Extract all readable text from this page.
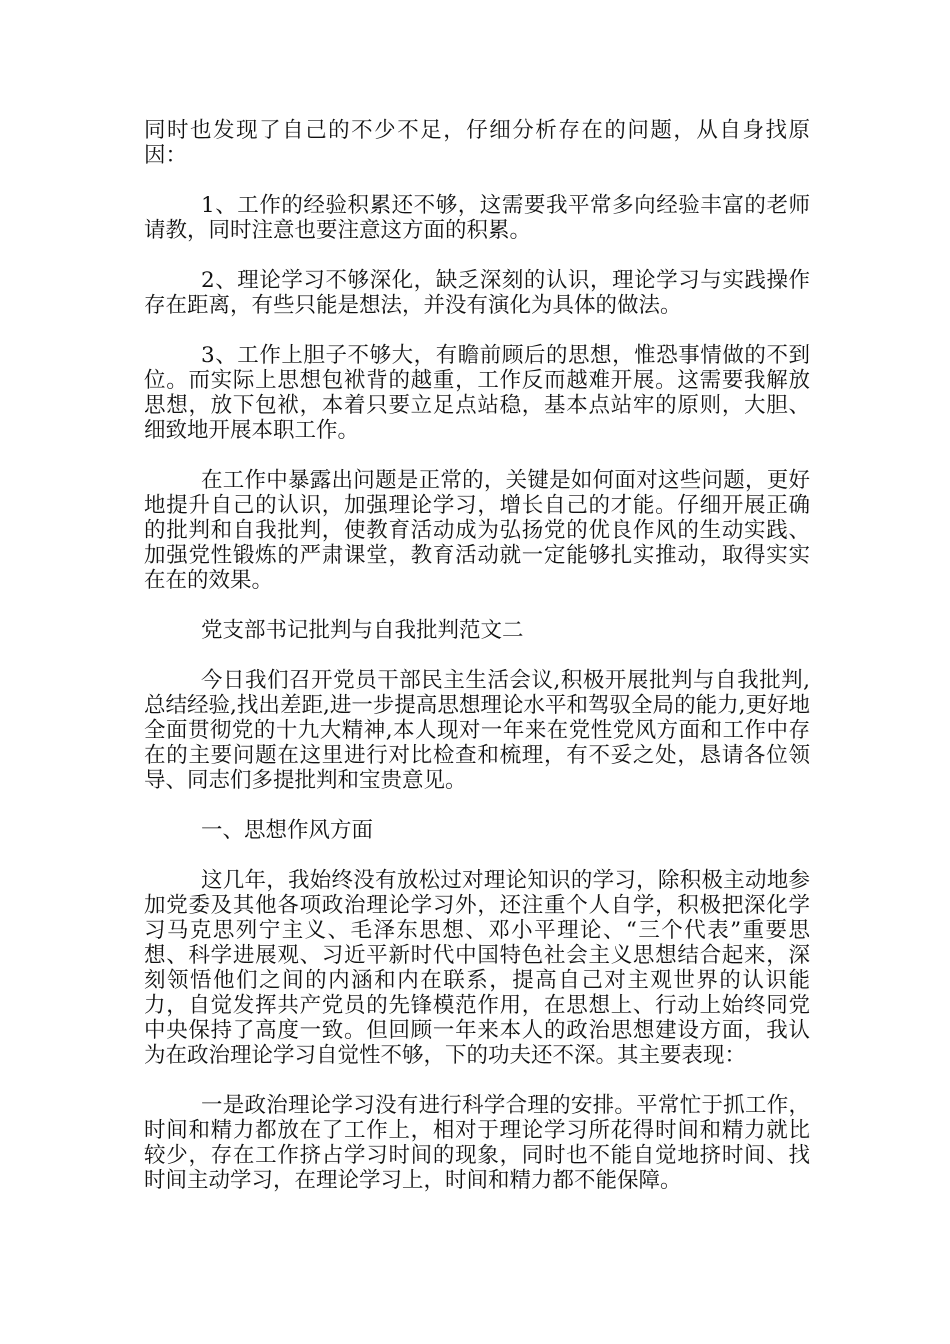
同时也发现了自己的不少不足，仔细分析存在的问题，从自身找原因：

1、工作的经验积累还不够，这需要我平常多向经验丰富的老师请教，同时注意也要注意这方面的积累。

2、理论学习不够深化，缺乏深刻的认识，理论学习与实践操作存在距离，有些只能是想法，并没有演化为具体的做法。

3、工作上胆子不够大，有瞻前顾后的思想，惟恐事情做的不到位。而实际上思想包袱背的越重，工作反而越难开展。这需要我解放思想，放下包袱，本着只要立足点站稳，基本点站牢的原则，大胆、细致地开展本职工作。

在工作中暴露出问题是正常的，关键是如何面对这些问题，更好地提升自己的认识，加强理论学习，增长自己的才能。仔细开展正确的批判和自我批判，使教育活动成为弘扬党的优良作风的生动实践、加强党性锻炼的严肃课堂，教育活动就一定能够扎实推动，取得实实在在的效果。

党支部书记批判与自我批判范文二

今日我们召开党员干部民主生活会议,积极开展批判与自我批判,总结经验,找出差距,进一步提高思想理论水平和驾驭全局的能力,更好地全面贯彻党的十九大精神,本人现对一年来在党性党风方面和工作中存在的主要问题在这里进行对比检查和梳理，有不妥之处，恳请各位领导、同志们多提批判和宝贵意见。

一、思想作风方面

这几年，我始终没有放松过对理论知识的学习，除积极主动地参加党委及其他各项政治理论学习外，还注重个人自学，积极把深化学习马克思列宁主义、毛泽东思想、邓小平理论、“三个代表”重要思想、科学进展观、习近平新时代中国特色社会主义思想结合起来，深刻领悟他们之间的内涵和内在联系，提高自己对主观世界的认识能力，自觉发挥共产党员的先锋模范作用，在思想上、行动上始终同党中央保持了高度一致。但回顾一年来本人的政治思想建设方面，我认为在政治理论学习自觉性不够，下的功夫还不深。其主要表现：

一是政治理论学习没有进行科学合理的安排。平常忙于抓工作，时间和精力都放在了工作上，相对于理论学习所花得时间和精力就比较少，存在工作挤占学习时间的现象，同时也不能自觉地挤时间、找时间主动学习，在理论学习上，时间和精力都不能保障。
